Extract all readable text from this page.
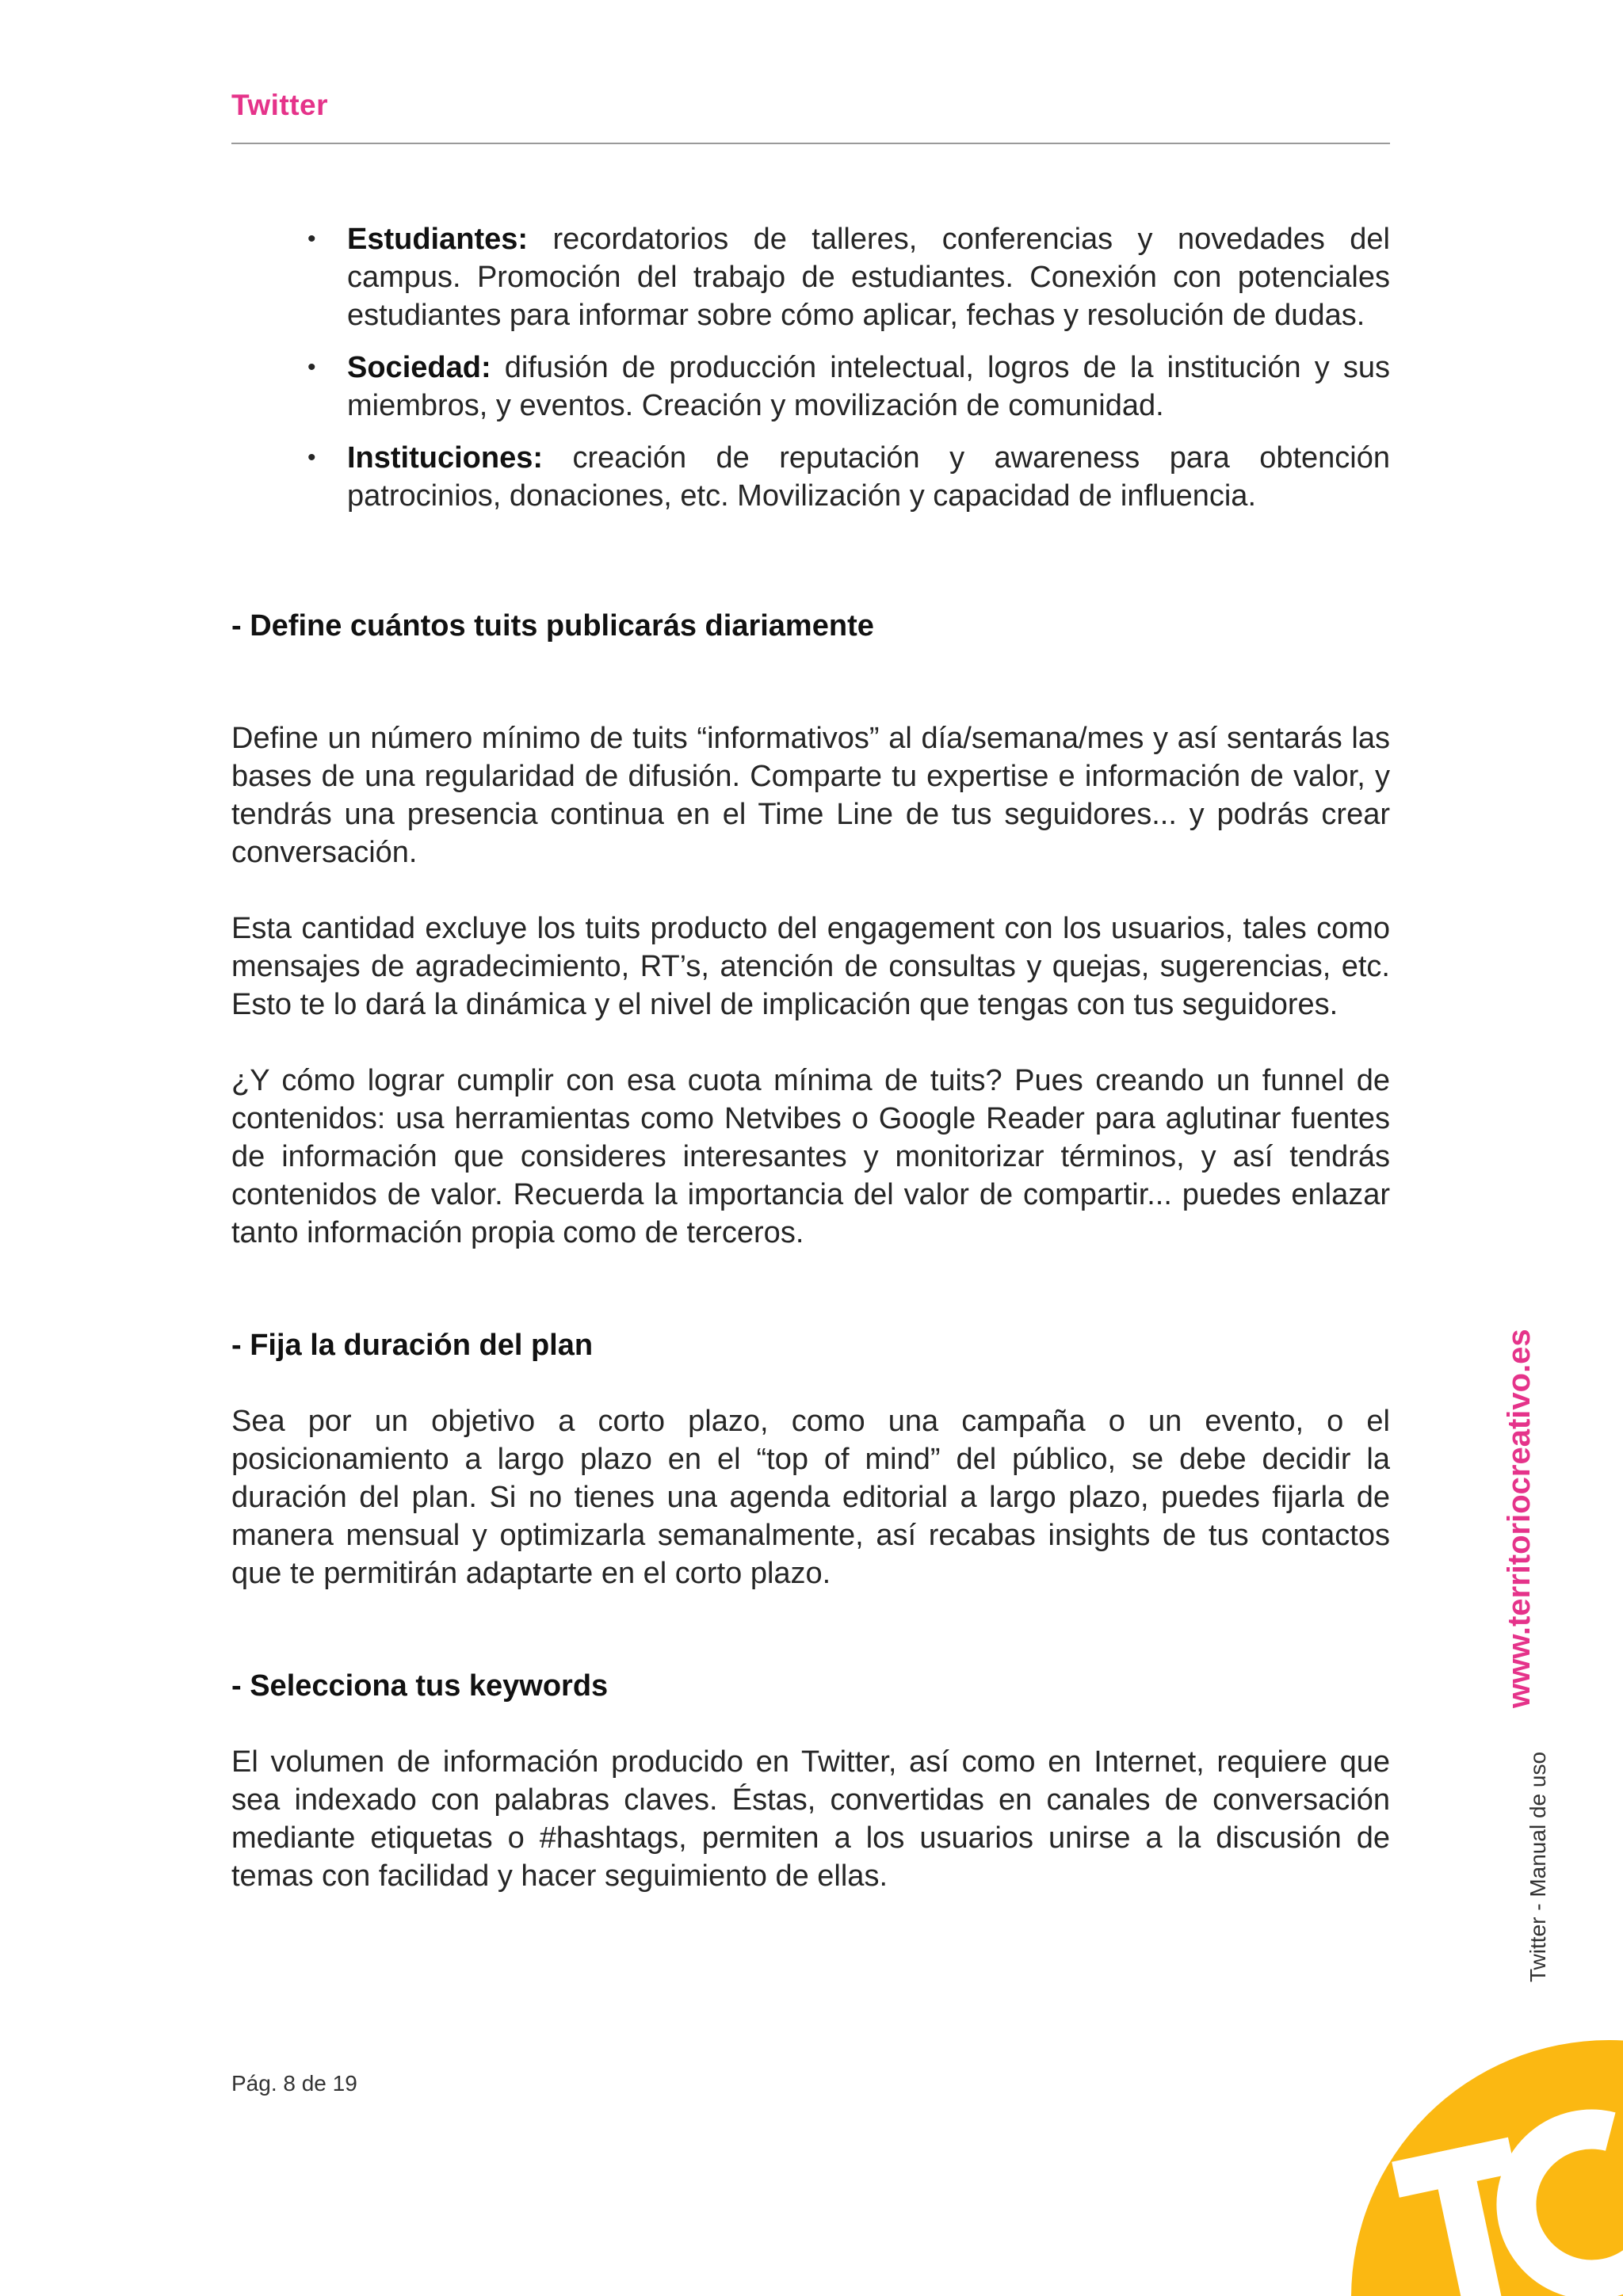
Twitter
• Estudiantes: recordatorios de talleres, conferencias y novedades del campus. Promoción del trabajo de estudiantes. Conexión con potenciales estudiantes para informar sobre cómo aplicar, fechas y resolución de dudas.
• Sociedad: difusión de producción intelectual, logros de la institución y sus miembros, y eventos. Creación y movilización de comunidad.
• Instituciones: creación de reputación y awareness para obtención patrocinios, donaciones, etc. Movilización y capacidad de influencia.
- Define cuántos tuits publicarás diariamente

Define un número mínimo de tuits “informativos” al día/semana/mes y así sentarás las bases de una regularidad de difusión. Comparte tu expertise e información de valor, y tendrás una presencia continua en el Time Line de tus seguidores... y podrás crear conversación.

Esta cantidad excluye los tuits producto del engagement con los usuarios, tales como mensajes de agradecimiento, RT’s, atención de consultas y quejas, sugerencias, etc. Esto te lo dará la dinámica y el nivel de implicación que tengas con tus seguidores.

¿Y cómo lograr cumplir con esa cuota mínima de tuits? Pues creando un funnel de contenidos: usa herramientas como Netvibes o Google Reader para aglutinar fuentes de información que consideres interesantes y monitorizar términos, y así tendrás contenidos de valor. Recuerda la importancia del valor de compartir... puedes enlazar tanto información propia como de terceros.

- Fija la duración del plan

Sea por un objetivo a corto plazo, como una campaña o un evento, o el posicionamiento a largo plazo en el “top of mind” del público, se debe decidir la duración del plan. Si no tienes una agenda editorial a largo plazo, puedes fijarla de manera mensual y optimizarla semanalmente, así recabas insights de tus contactos que te permitirán adaptarte en el corto plazo.

- Selecciona tus keywords

El volumen de información producido en Twitter, así como en Internet, requiere que sea indexado con palabras claves. Éstas, convertidas en canales de conversación mediante etiquetas o #hashtags, permiten a los usuarios unirse a la discusión de temas con facilidad y hacer seguimiento de ellas.

www.territoriocreativo.es
Twitter - Manual de uso
Pág. 8 de 19
TC
